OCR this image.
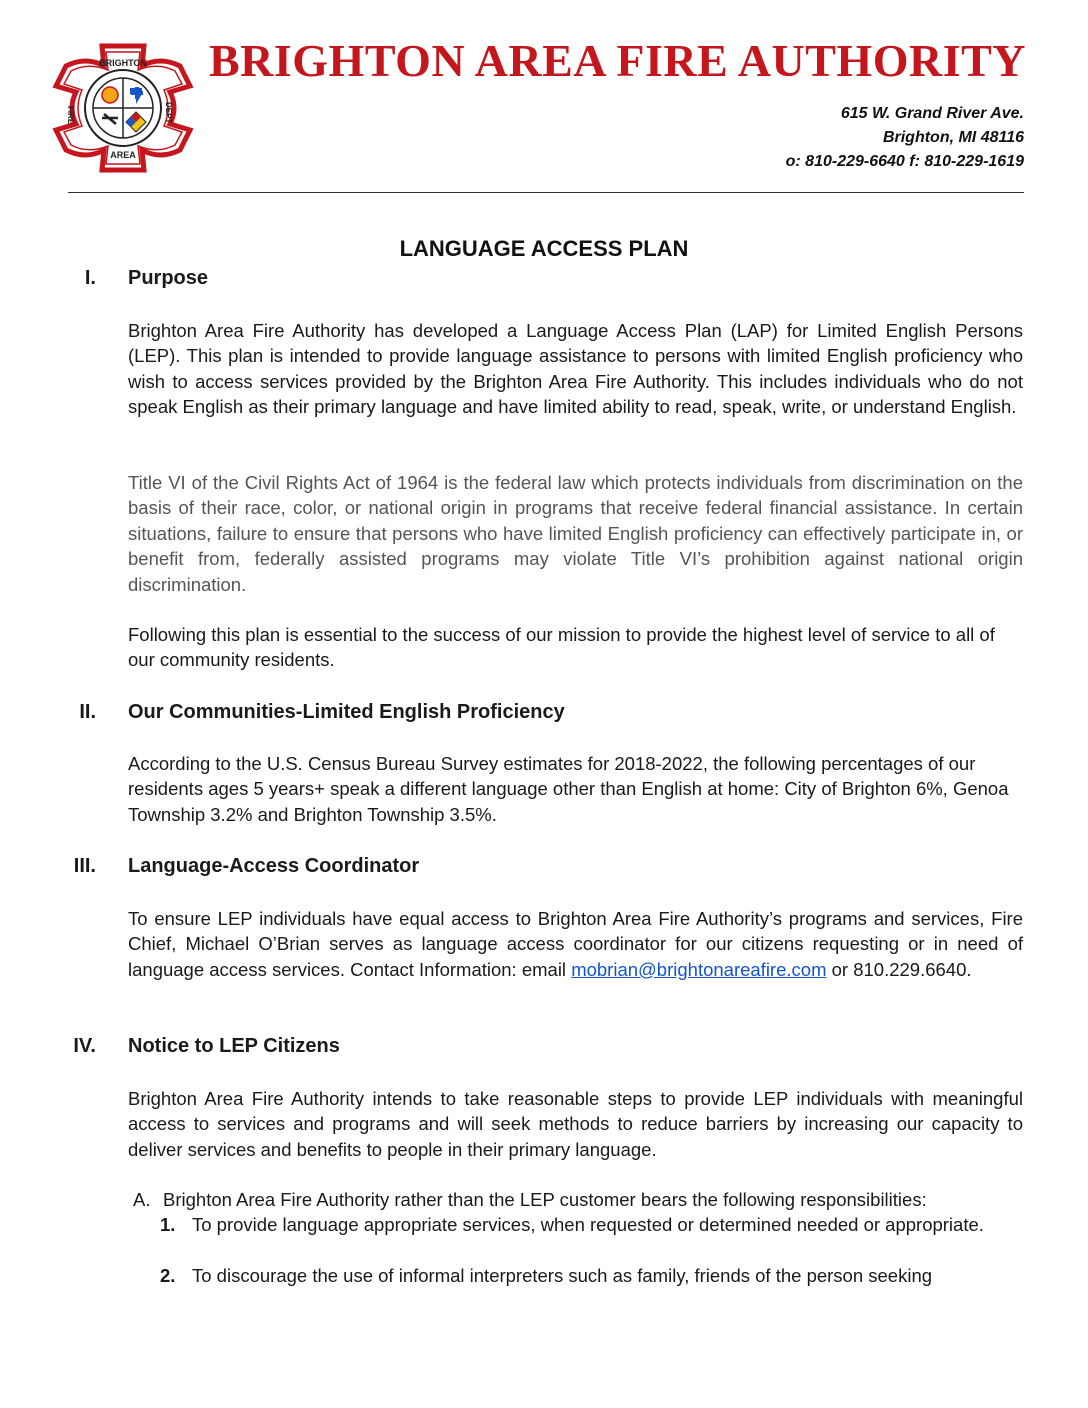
BRIGHTON
AREA
FIRE	DEPT
BRIGHTON AREA FIRE AUTHORITY
615 W. Grand River Ave.
Brighton, MI 48116
o: 810-229-6640 f: 810-229-1619
LANGUAGE ACCESS PLAN
I. Purpose

Brighton Area Fire Authority has developed a Language Access Plan (LAP) for Limited English Persons (LEP). This plan is intended to provide language assistance to persons with limited English proficiency who wish to access services provided by the Brighton Area Fire Authority. This includes individuals who do not speak English as their primary language and have limited ability to read, speak, write, or understand English.

Title VI of the Civil Rights Act of 1964 is the federal law which protects individuals from discrimination on the basis of their race, color, or national origin in programs that receive federal financial assistance. In certain situations, failure to ensure that persons who have limited English proficiency can effectively participate in, or benefit from, federally assisted programs may violate Title VI’s prohibition against national origin discrimination.

Following this plan is essential to the success of our mission to provide the highest level of service to all of our community residents.

II. Our Communities-Limited English Proficiency

According to the U.S. Census Bureau Survey estimates for 2018-2022, the following percentages of our residents ages 5 years+ speak a different language other than English at home: City of Brighton 6%, Genoa Township 3.2% and Brighton Township 3.5%.

III. Language-Access Coordinator

To ensure LEP individuals have equal access to Brighton Area Fire Authority’s programs and services, Fire Chief, Michael O’Brian serves as language access coordinator for our citizens requesting or in need of language access services. Contact Information: email mobrian@brightonareafire.com or 810.229.6640.

IV. Notice to LEP Citizens

Brighton Area Fire Authority intends to take reasonable steps to provide LEP individuals with meaningful access to services and programs and will seek methods to reduce barriers by increasing our capacity to deliver services and benefits to people in their primary language.

A. Brighton Area Fire Authority rather than the LEP customer bears the following responsibilities:

1. To provide language appropriate services, when requested or determined needed or appropriate.
2. To discourage the use of informal interpreters such as family, friends of the person seeking
